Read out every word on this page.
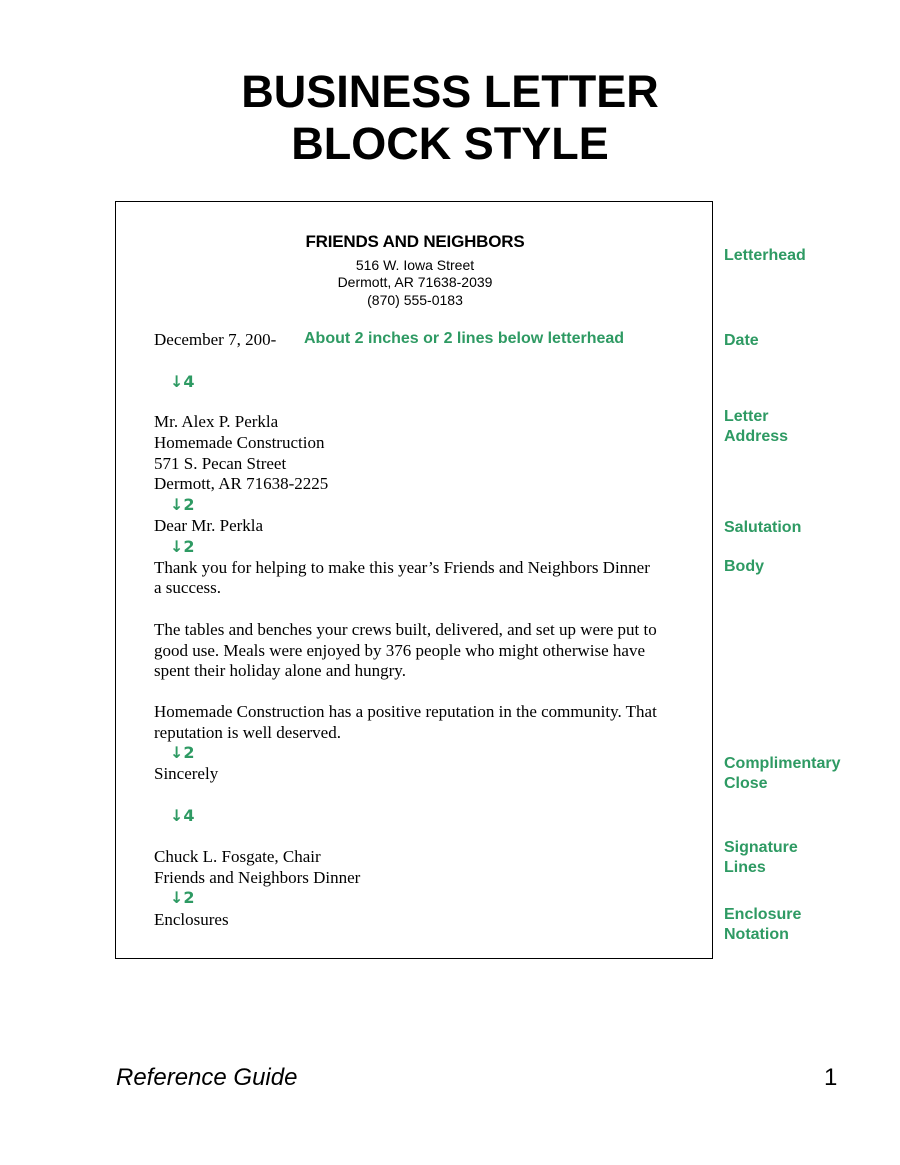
BUSINESS LETTER
BLOCK STYLE
FRIENDS AND NEIGHBORS
516 W. Iowa Street
Dermott, AR 71638-2039
(870) 555-0183
December 7, 200- About 2 inches or 2 lines below letterhead
↓4
Mr. Alex P. Perkla
Homemade Construction
571 S. Pecan Street
Dermott, AR 71638-2225
↓2
Dear Mr. Perkla
↓2
Thank you for helping to make this year’s Friends and Neighbors Dinner
a success.
The tables and benches your crews built, delivered, and set up were put to
good use. Meals were enjoyed by 376 people who might otherwise have
spent their holiday alone and hungry.
Homemade Construction has a positive reputation in the community. That
reputation is well deserved.
↓2
Sincerely
↓4
Chuck L. Fosgate, Chair
Friends and Neighbors Dinner
↓2
Enclosures
Letterhead
Date
Letter
Address
Salutation
Body
Complimentary
Close
Signature
Lines
Enclosure
Notation
Reference Guide	1
